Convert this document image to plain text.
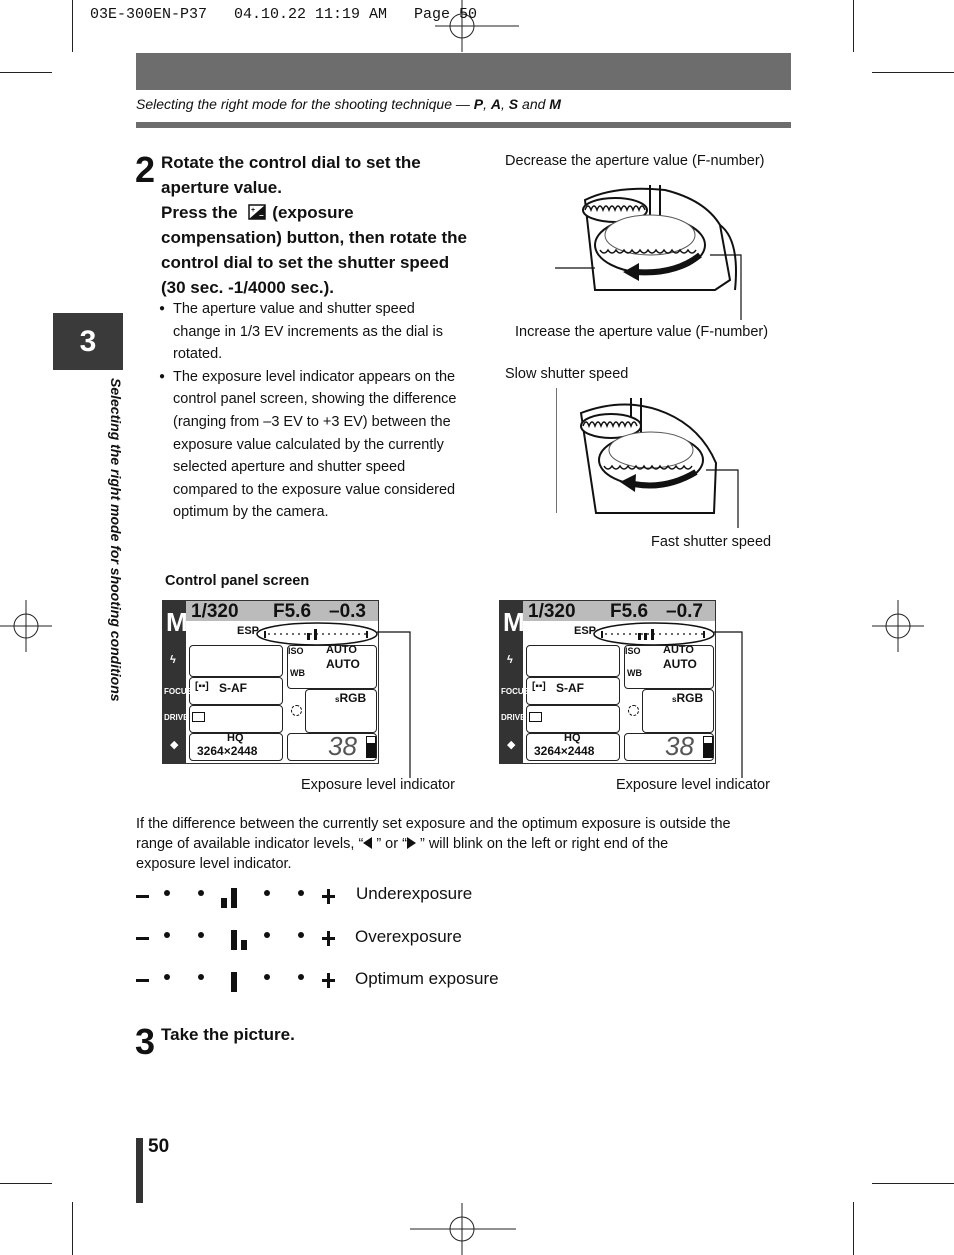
03E-300EN-P37   04.10.22 11:19 AM   Page 50
Selecting the right mode for the shooting technique — P, A, S and M
3
Selecting the right mode for shooting conditions
2 Rotate the control dial to set the
aperture value.
Press the +
− (exposure
compensation) button, then rotate the
control dial to set the shutter speed
(30 sec. -1/4000 sec.).
● The aperture value and shutter speed
change in 1/3 EV increments as the dial is
rotated.
● The exposure level indicator appears on the
control panel screen, showing the difference
(ranging from –3 EV to +3 EV) between the
exposure value calculated by the currently
selected aperture and shutter speed
compared to the exposure value considered
optimum by the camera.
Decrease the aperture value (F-number)
Increase the aperture value (F-number)
Slow shutter speed
Fast shutter speed
Control panel screen
M 1/320 F5.6 –0.3
ESP
ISO AUTO
WB
AUTO
S-AF
[▪▪]
sRGB
HQ
3264×2448	38
ϟ
FOCUS
DRIVE
◆
Exposure level indicator
M 1/320 F5.6 –0.7
ESP
ISO AUTO
WB
AUTO
S-AF
[▪▪]
sRGB
HQ
3264×2448	38
ϟ
FOCUS
DRIVE
◆
Exposure level indicator
If the difference between the currently set exposure and the optimum exposure is outside the
range of available indicator levels, “ ” or “ ” will blink on the left or right end of the
exposure level indicator.
Underexposure
Overexposure
Optimum exposure
3 Take the picture.
50
